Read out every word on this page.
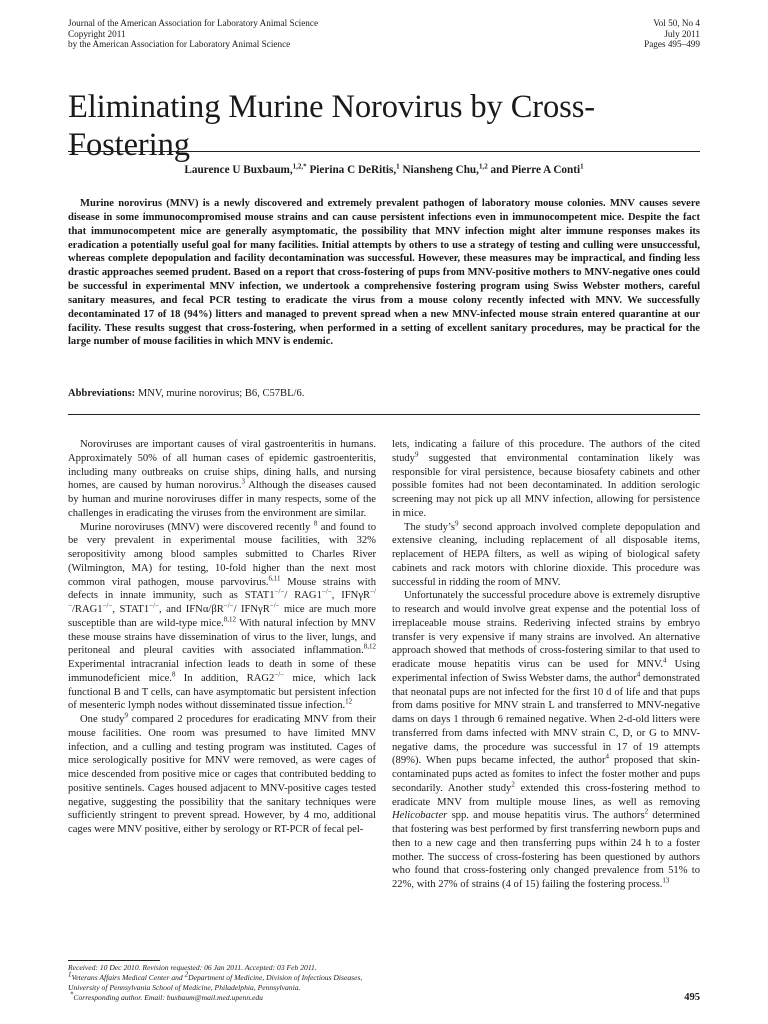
Journal of the American Association for Laboratory Animal Science
Copyright 2011
by the American Association for Laboratory Animal Science
Vol 50, No 4
July 2011
Pages 495–499
Eliminating Murine Norovirus by Cross-Fostering
Laurence U Buxbaum,$^{1,2,*}$ Pierina C DeRitis,$^1$ Niansheng Chu,$^{1,2}$ and Pierre A Conti$^1$

Murine norovirus (MNV) is a newly discovered and extremely prevalent pathogen of laboratory mouse colonies. MNV causes severe disease in some immunocompromised mouse strains and can cause persistent infections even in immunocompetent mice. Despite the fact that immunocompetent mice are generally asymptomatic, the possibility that MNV infection might alter immune responses makes its eradication a potentially useful goal for many facilities. Initial attempts by others to use a strategy of testing and culling were unsuccessful, whereas complete depopulation and facility decontamination was successful. However, these measures may be impractical, and finding less drastic approaches seemed prudent. Based on a report that cross-fostering of pups from MNV-positive mothers to MNV-negative ones could be successful in experimental MNV infection, we undertook a comprehensive fostering program using Swiss Webster mothers, careful sanitary measures, and fecal PCR testing to eradicate the virus from a mouse colony recently infected with MNV. We successfully decontaminated 17 of 18 (94%) litters and managed to prevent spread when a new MNV-infected mouse strain entered quarantine at our facility. These results suggest that cross-fostering, when performed in a setting of excellent sanitary procedures, may be practical for the large number of mouse facilities in which MNV is endemic.

Abbreviations: MNV, murine norovirus; B6, C57BL/6.

Noroviruses are important causes of viral gastroenteritis in humans. Approximately 50% of all human cases of epidemic gastroenteritis, including many outbreaks on cruise ships, dining halls, and nursing homes, are caused by human norovirus.$^3$ Although the diseases caused by human and murine noroviruses differ in many respects, some of the challenges in eradicating the viruses from the environment are similar.

Murine noroviruses (MNV) were discovered recently $^8$ and found to be very prevalent in experimental mouse facilities, with 32% seropositivity among blood samples submitted to Charles River (Wilmington, MA) for testing, 10-fold higher than the next most common viral pathogen, mouse parvovirus.$^{6,11}$ Mouse strains with defects in innate immunity, such as STAT1−/−/ RAG1−/−, IFNγR−/−/RAG1−/−, STAT1−/−, and IFNα/βR−/−/ IFNγR−/− mice are much more susceptible than are wild-type mice.$^{8,12}$ With natural infection by MNV these mouse strains have dissemination of virus to the liver, lungs, and peritoneal and pleural cavities with associated inflammation.$^{8,12}$ Experimental intracranial infection leads to death in some of these immunodeficient mice.$^8$ In addition, RAG2−/− mice, which lack functional B and T cells, can have asymptomatic but persistent infection of mesenteric lymph nodes without disseminated tissue infection.$^{12}$

One study$^9$ compared 2 procedures for eradicating MNV from their mouse facilities. One room was presumed to have limited MNV infection, and a culling and testing program was instituted. Cages of mice serologically positive for MNV were removed, as were cages of mice descended from positive mice or cages that contributed bedding to positive sentinels. Cages housed adjacent to MNV-positive cages tested negative, suggesting the possibility that the sanitary techniques were sufficiently stringent to prevent spread. However, by 4 mo, additional cages were MNV positive, either by serology or RT-PCR of fecal pel-

lets, indicating a failure of this procedure. The authors of the cited study$^9$ suggested that environmental contamination likely was responsible for viral persistence, because biosafety cabinets and other possible fomites had not been decontaminated. In addition serologic screening may not pick up all MNV infection, allowing for persistence in mice.

The $study’s^9$ second approach involved complete depopulation and extensive cleaning, including replacement of all disposable items, replacement of HEPA filters, as well as wiping of biological safety cabinets and rack motors with chlorine dioxide. This procedure was successful in ridding the room of MNV.

Unfortunately the successful procedure above is extremely disruptive to research and would involve great expense and the potential loss of irreplaceable mouse strains. Rederiving infected strains by embryo transfer is very expensive if many strains are involved. An alternative approach showed that methods of cross-fostering similar to that used to eradicate mouse hepatitis virus can be used for MNV.$^4$ Using experimental infection of Swiss Webster dams, the author$^4$ demonstrated that neonatal pups are not infected for the first 10 d of life and that pups from dams positive for MNV strain L and transferred to MNV-negative dams on days 1 through 6 remained negative. When 2-d-old litters were transferred from dams infected with MNV strain C, D, or G to MNV-negative dams, the procedure was successful in 17 of 19 attempts (89%). When pups became infected, the author$^4$ proposed that skin-contaminated pups acted as fomites to infect the foster mother and pups secondarily. Another study$^2$ extended this cross-fostering method to eradicate MNV from multiple mouse lines, as well as removing Helicobacter spp. and mouse hepatitis virus. The authors$^2$ determined that fostering was best performed by first transferring newborn pups and then to a new cage and then transferring pups within 24 h to a foster mother. The success of cross-fostering has been questioned by authors who found that cross-fostering only changed prevalence from 51% to 22%, with 27% of strains (4 of 15) failing the fostering process.$^{13}$

Received: 10 Dec 2010. Revision requested: 06 Jan 2011. Accepted: 03 Feb 2011.
$^1$Veterans Affairs Medical Center and $^2$Department of Medicine, Division of Infectious Diseases, University of Pennsylvania School of Medicine, Philadelphia, Pennsylvania.
*Corresponding author. Email: buxbaum@mail.med.upenn.edu	495
